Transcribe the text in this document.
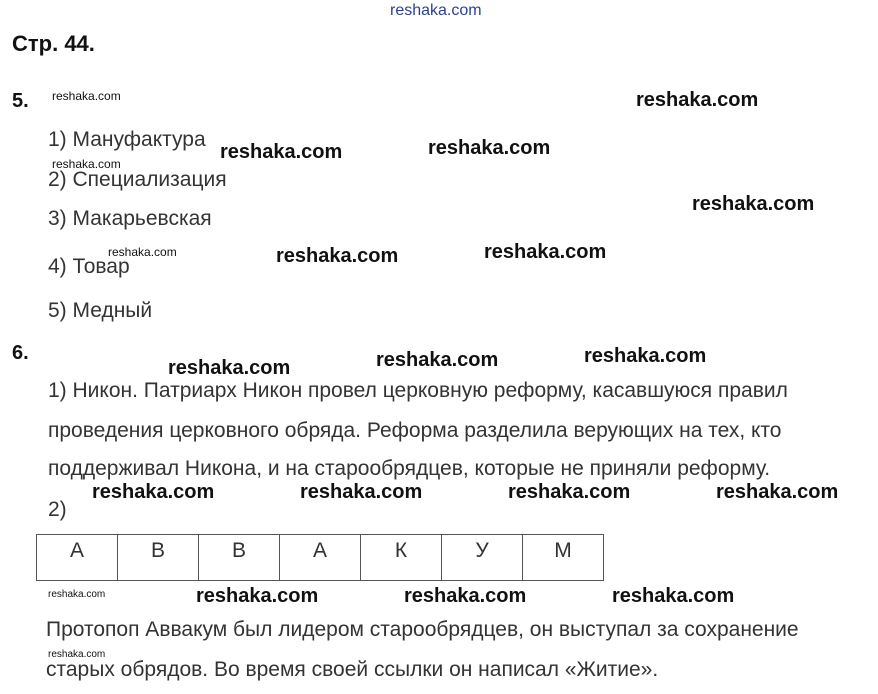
reshaka.com
Стр. 44.
5.
1) Мануфактура
2) Специализация
3) Макарьевская
4) Товар
5) Медный
6.
1) Никон. Патриарх Никон провел церковную реформу, касавшуюся правил
проведения церковного обряда. Реформа разделила верующих на тех, кто
поддерживал Никона, и на старообрядцев, которые не приняли реформу.
2)
А	В	В	А	К	У	М
Протопоп Аввакум был лидером старообрядцев, он выступал за сохранение
старых обрядов. Во время своей ссылки он написал «Житие».
reshaka.com	reshaka.com
reshaka.com	reshaka.com
reshaka.com
reshaka.com
reshaka.com	reshaka.com	reshaka.com
reshaka.com	reshaka.com	reshaka.com
reshaka.com	reshaka.com	reshaka.com	reshaka.com
reshaka.com	reshaka.com	reshaka.com	reshaka.com
reshaka.com
